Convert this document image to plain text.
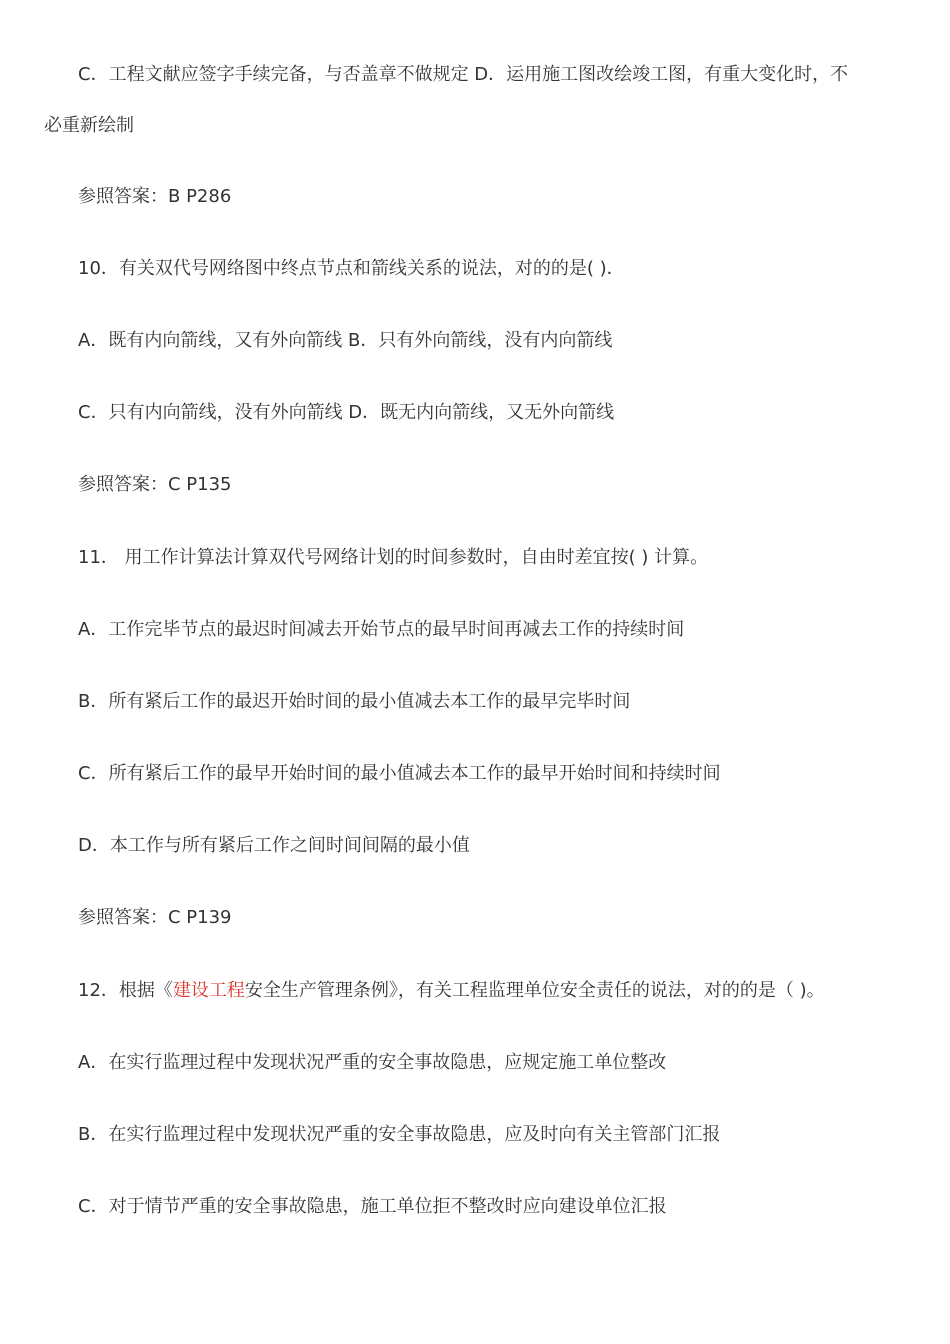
C．工程文献应签字手续完备，与否盖章不做规定 D．运用施工图改绘竣工图，有重大变化时，不
必重新绘制
参照答案：B P286
10．有关双代号网络图中终点节点和箭线关系的说法，对的的是( )．
A．既有内向箭线，又有外向箭线 B．只有外向箭线，没有内向箭线
C．只有内向箭线，没有外向箭线 D．既无内向箭线，又无外向箭线
参照答案：C P135
11． 用工作计算法计算双代号网络计划的时间参数时，自由时差宜按( ) 计算。
A．工作完毕节点的最迟时间减去开始节点的最早时间再减去工作的持续时间
B．所有紧后工作的最迟开始时间的最小值减去本工作的最早完毕时间
C．所有紧后工作的最早开始时间的最小值减去本工作的最早开始时间和持续时间
D．本工作与所有紧后工作之间时间间隔的最小值
参照答案：C P139
12．根据《建设工程安全生产管理条例》，有关工程监理单位安全责任的说法，对的的是（ )。
A．在实行监理过程中发现状况严重的安全事故隐患，应规定施工单位整改
B．在实行监理过程中发现状况严重的安全事故隐患，应及时向有关主管部门汇报
C．对于情节严重的安全事故隐患，施工单位拒不整改时应向建设单位汇报
